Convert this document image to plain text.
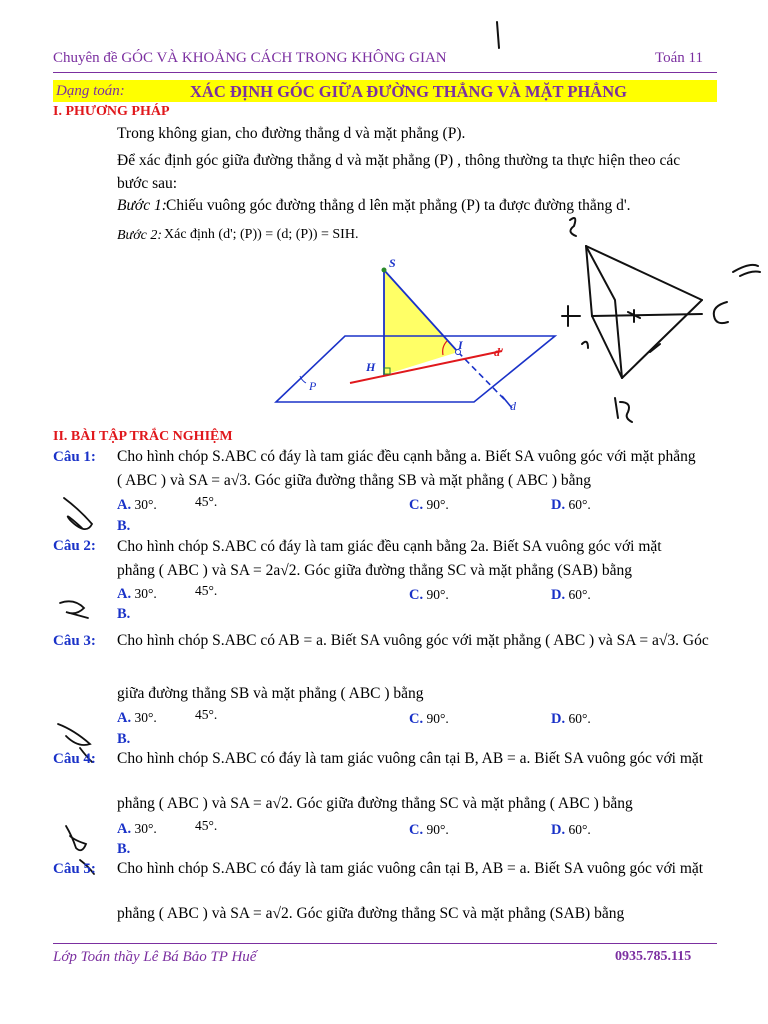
Chuyên đề GÓC VÀ KHOẢNG CÁCH TRONG KHÔNG GIAN	Toán 11
Dạng toán:	XÁC ĐỊNH GÓC GIỮA ĐƯỜNG THẲNG VÀ MẶT PHẲNG
I. PHƯƠNG PHÁP
Trong không gian, cho đường thẳng d và mặt phẳng (P).
Để xác định góc giữa đường thẳng d và mặt phẳng (P) , thông thường ta thực hiện theo các
bước sau:
Bước 1: Chiếu vuông góc đường thẳng d lên mặt phẳng (P) ta được đường thẳng d'.
Bước 2: Xác định (d'; (P)) = (d; (P)) = SIH.
S
H
I
P
d
d'
II. BÀI TẬP TRẮC NGHIỆM
Câu 1: Cho hình chóp S.ABC có đáy là tam giác đều cạnh bằng a. Biết SA vuông góc với mặt phẳng
( ABC ) và SA = a√3. Góc giữa đường thẳng SB và mặt phẳng ( ABC ) bằng
A. 30°.	45°.
B.
C. 90°.	D. 60°.
Câu 2: Cho hình chóp S.ABC có đáy là tam giác đều cạnh bằng 2a. Biết SA vuông góc với mặt
phẳng ( ABC ) và SA = 2a√2. Góc giữa đường thẳng SC và mặt phẳng (SAB) bằng
A. 30°.	45°.
B.
C. 90°.	D. 60°.
Câu 3: Cho hình chóp S.ABC có AB = a. Biết SA vuông góc với mặt phẳng ( ABC ) và SA = a√3. Góc
giữa đường thẳng SB và mặt phẳng ( ABC ) bằng
A. 30°.	45°.
B.
C. 90°.	D. 60°.
Câu 4: Cho hình chóp S.ABC có đáy là tam giác vuông cân tại B, AB = a. Biết SA vuông góc với mặt
phẳng ( ABC ) và SA = a√2. Góc giữa đường thẳng SC và mặt phẳng ( ABC ) bằng
A. 30°.	45°.
B.
C. 90°.	D. 60°.
Câu 5: Cho hình chóp S.ABC có đáy là tam giác vuông cân tại B, AB = a. Biết SA vuông góc với mặt
phẳng ( ABC ) và SA = a√2. Góc giữa đường thẳng SC và mặt phẳng (SAB) bằng
Lớp Toán thầy Lê Bá Bảo TP Huế	0935.785.115
